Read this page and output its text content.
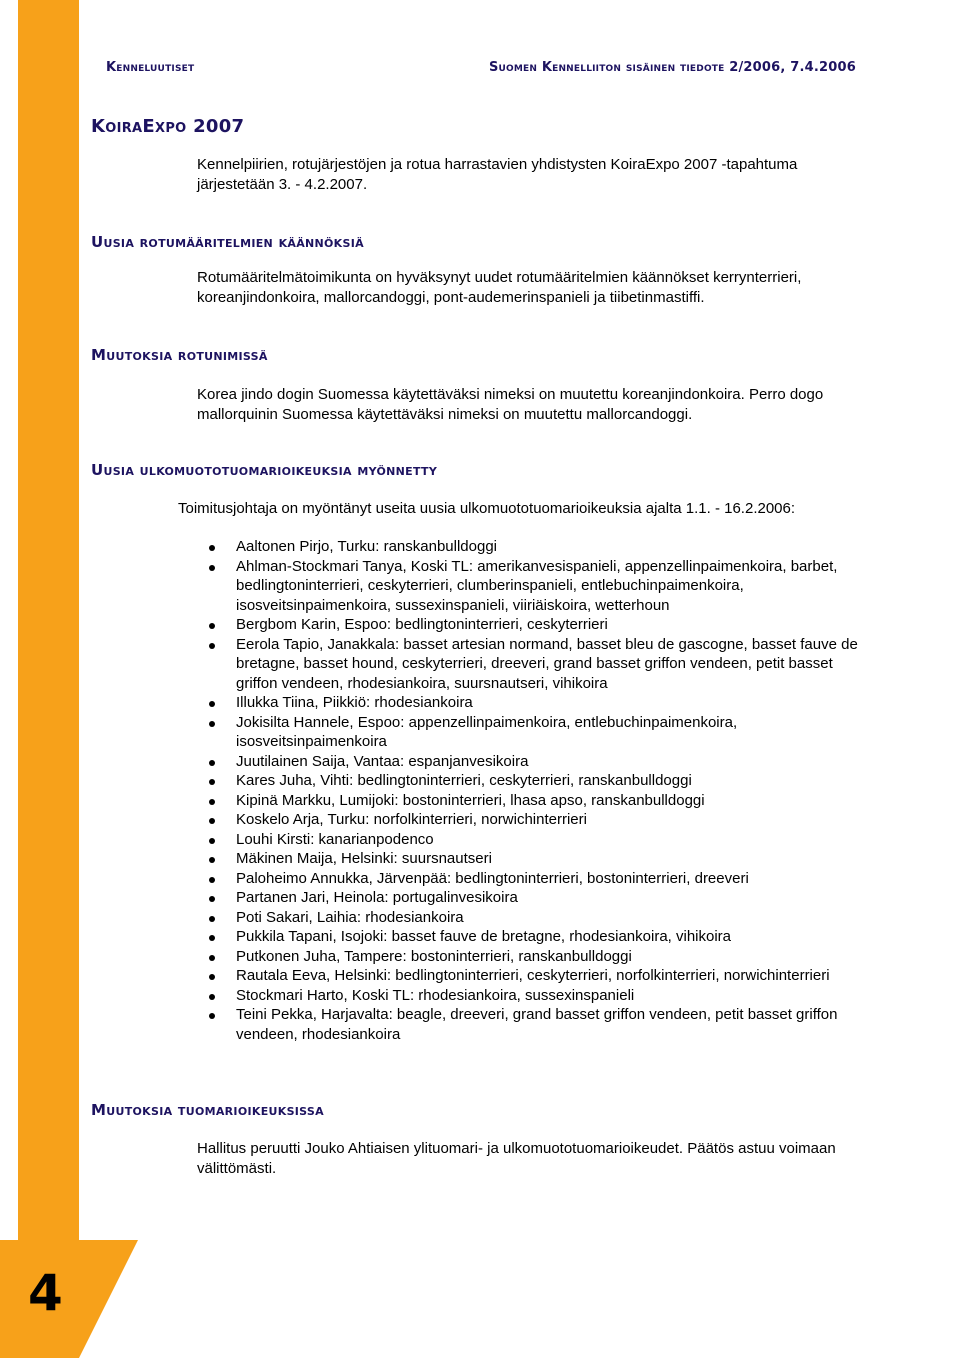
4
Kenneluutiset	Suomen Kennelliiton sisäinen tiedote 2/2006, 7.4.2006
KoiraExpo 2007
Kennelpiirien, rotujärjestöjen ja rotua harrastavien yhdistysten KoiraExpo 2007 -tapahtuma järjestetään 3. - 4.2.2007.
Uusia rotumääritelmien käännöksiä
Rotumääritelmätoimikunta on hyväksynyt uudet rotumääritelmien käännökset kerrynterrieri, koreanjindonkoira, mallorcandoggi, pont-audemerinspanieli ja tiibetinmastiffi.
Muutoksia rotunimissä
Korea jindo dogin Suomessa käytettäväksi nimeksi on muutettu koreanjindonkoira. Perro dogo mallorquinin Suomessa käytettäväksi nimeksi on muutettu mallorcandoggi.
Uusia ulkomuototuomarioikeuksia myönnetty
Toimitusjohtaja on myöntänyt useita uusia ulkomuototuomarioikeuksia ajalta 1.1. - 16.2.2006:
Aaltonen Pirjo, Turku: ranskanbulldoggi
Ahlman-Stockmari Tanya, Koski TL: amerikanvesispanieli, appenzellinpaimenkoira, barbet, bedlingtoninterrieri, ceskyterrieri, clumberinspanieli, entlebuchinpaimenkoira, isosveitsinpaimenkoira, sussexinspanieli, viiriäiskoira, wetterhoun
Bergbom Karin, Espoo: bedlingtoninterrieri, ceskyterrieri
Eerola Tapio, Janakkala: basset artesian normand, basset bleu de gascogne, basset fauve de bretagne, basset hound, ceskyterrieri, dreeveri, grand basset griffon vendeen, petit basset griffon vendeen, rhodesiankoira, suursnautseri, vihikoira
Illukka Tiina, Piikkiö: rhodesiankoira
Jokisilta Hannele, Espoo: appenzellinpaimenkoira, entlebuchinpaimenkoira, isosveitsinpaimenkoira
Juutilainen Saija, Vantaa: espanjanvesikoira
Kares Juha, Vihti: bedlingtoninterrieri, ceskyterrieri, ranskanbulldoggi
Kipinä Markku, Lumijoki: bostoninterrieri, lhasa apso, ranskanbulldoggi
Koskelo Arja, Turku: norfolkinterrieri, norwichinterrieri
Louhi Kirsti: kanarianpodenco
Mäkinen Maija, Helsinki: suursnautseri
Paloheimo Annukka, Järvenpää: bedlingtoninterrieri, bostoninterrieri, dreeveri
Partanen Jari, Heinola: portugalinvesikoira
Poti Sakari, Laihia: rhodesiankoira
Pukkila Tapani, Isojoki: basset fauve de bretagne, rhodesiankoira, vihikoira
Putkonen Juha, Tampere: bostoninterrieri, ranskanbulldoggi
Rautala Eeva, Helsinki: bedlingtoninterrieri, ceskyterrieri, norfolkinterrieri, norwichinterrieri
Stockmari Harto, Koski TL: rhodesiankoira, sussexinspanieli
Teini Pekka, Harjavalta: beagle, dreeveri, grand basset griffon vendeen, petit basset griffon vendeen, rhodesiankoira
Muutoksia tuomarioikeuksissa
Hallitus peruutti Jouko Ahtiaisen ylituomari- ja ulkomuototuomarioikeudet. Päätös astuu voimaan välittömästi.
